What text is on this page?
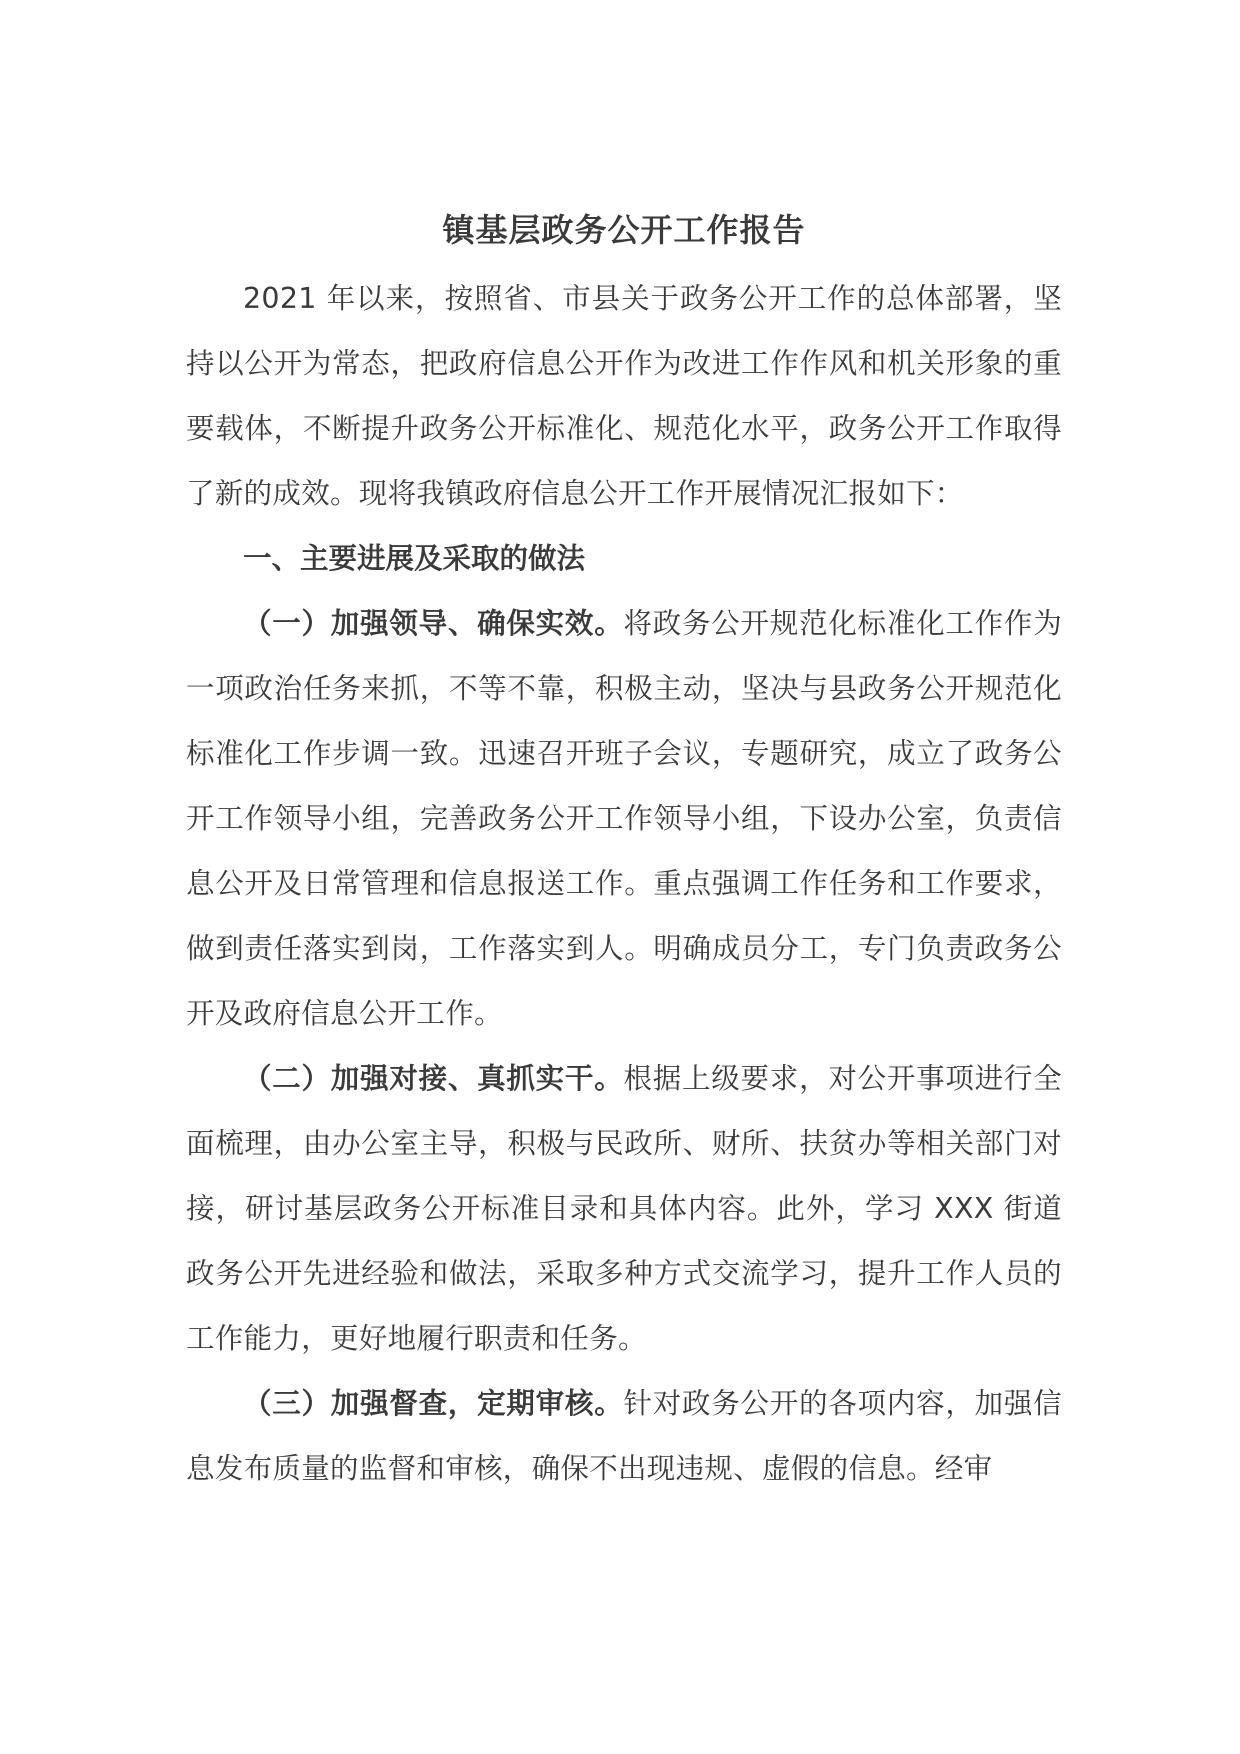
镇基层政务公开工作报告

2021 年以来，按照省、市县关于政务公开工作的总体部署，坚持以公开为常态，把政府信息公开作为改进工作作风和机关形象的重要载体，不断提升政务公开标准化、规范化水平，政务公开工作取得了新的成效。现将我镇政府信息公开工作开展情况汇报如下：

一、主要进展及采取的做法

（一）加强领导、确保实效。将政务公开规范化标准化工作作为一项政治任务来抓，不等不靠，积极主动，坚决与县政务公开规范化标准化工作步调一致。迅速召开班子会议，专题研究，成立了政务公开工作领导小组，完善政务公开工作领导小组，下设办公室，负责信息公开及日常管理和信息报送工作。重点强调工作任务和工作要求，做到责任落实到岗，工作落实到人。明确成员分工，专门负责政务公开及政府信息公开工作。

（二）加强对接、真抓实干。根据上级要求，对公开事项进行全面梳理，由办公室主导，积极与民政所、财所、扶贫办等相关部门对接，研讨基层政务公开标准目录和具体内容。此外，学习 XXX 街道政务公开先进经验和做法，采取多种方式交流学习，提升工作人员的工作能力，更好地履行职责和任务。

（三）加强督查，定期审核。针对政务公开的各项内容，加强信息发布质量的监督和审核，确保不出现违规、虚假的信息。经审
